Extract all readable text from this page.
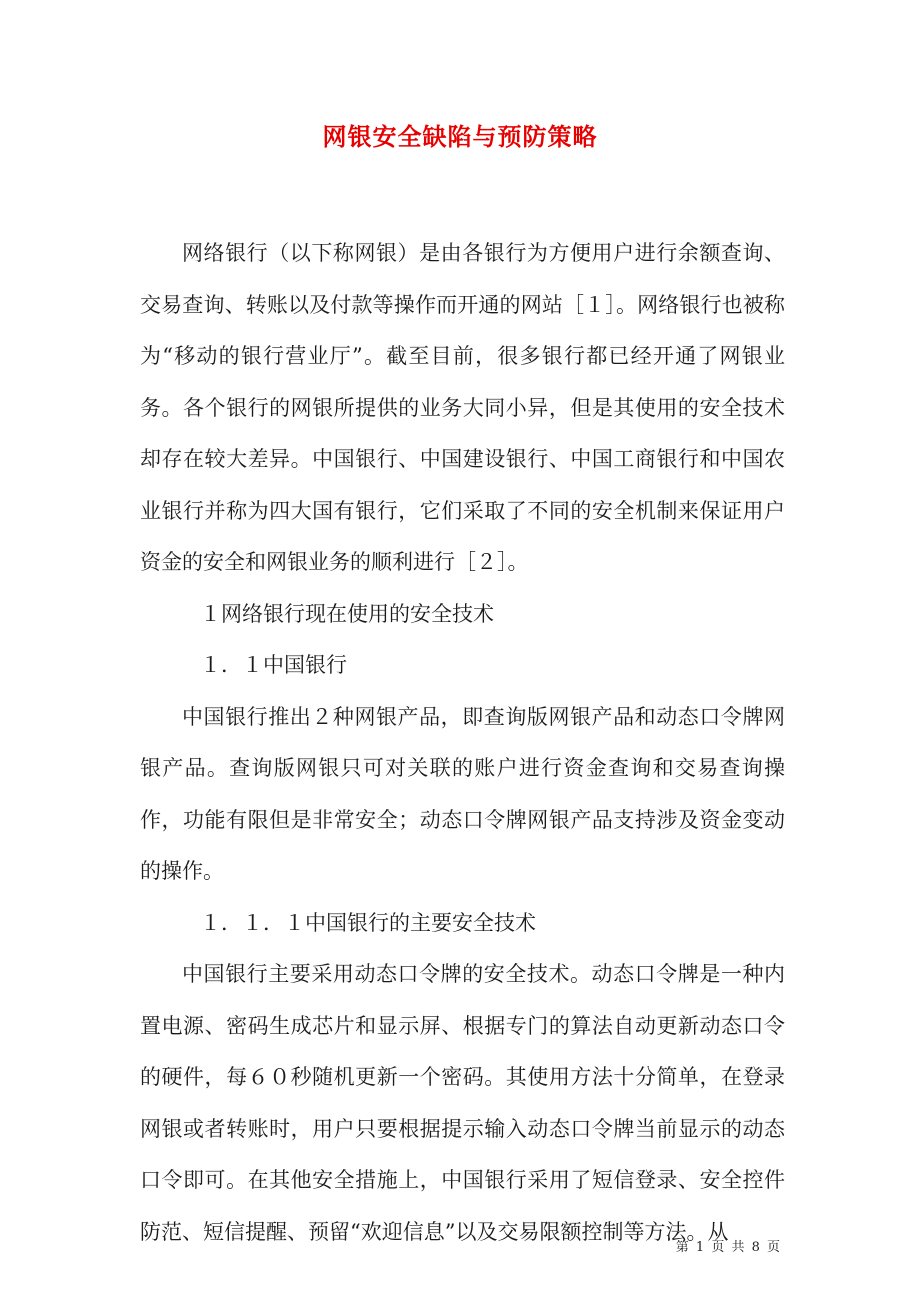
网银安全缺陷与预防策略

网络银行（以下称网银）是由各银行为方便用户进行余额查询、交易查询、转账以及付款等操作而开通的网站［１］。网络银行也被称为“移动的银行营业厅”。截至目前，很多银行都已经开通了网银业务。各个银行的网银所提供的业务大同小异，但是其使用的安全技术却存在较大差异。中国银行、中国建设银行、中国工商银行和中国农业银行并称为四大国有银行，它们采取了不同的安全机制来保证用户资金的安全和网银业务的顺利进行［２］。

１网络银行现在使用的安全技术

１．１中国银行

中国银行推出２种网银产品，即查询版网银产品和动态口令牌网银产品。查询版网银只可对关联的账户进行资金查询和交易查询操作，功能有限但是非常安全；动态口令牌网银产品支持涉及资金变动的操作。

１．１．１中国银行的主要安全技术

中国银行主要采用动态口令牌的安全技术。动态口令牌是一种内置电源、密码生成芯片和显示屏、根据专门的算法自动更新动态口令的硬件，每６０秒随机更新一个密码。其使用方法十分简单，在登录网银或者转账时，用户只要根据提示输入动态口令牌当前显示的动态口令即可。在其他安全措施上，中国银行采用了短信登录、安全控件防范、短信提醒、预留“欢迎信息”以及交易限额控制等方法。从

第 1 页 共 8 页
